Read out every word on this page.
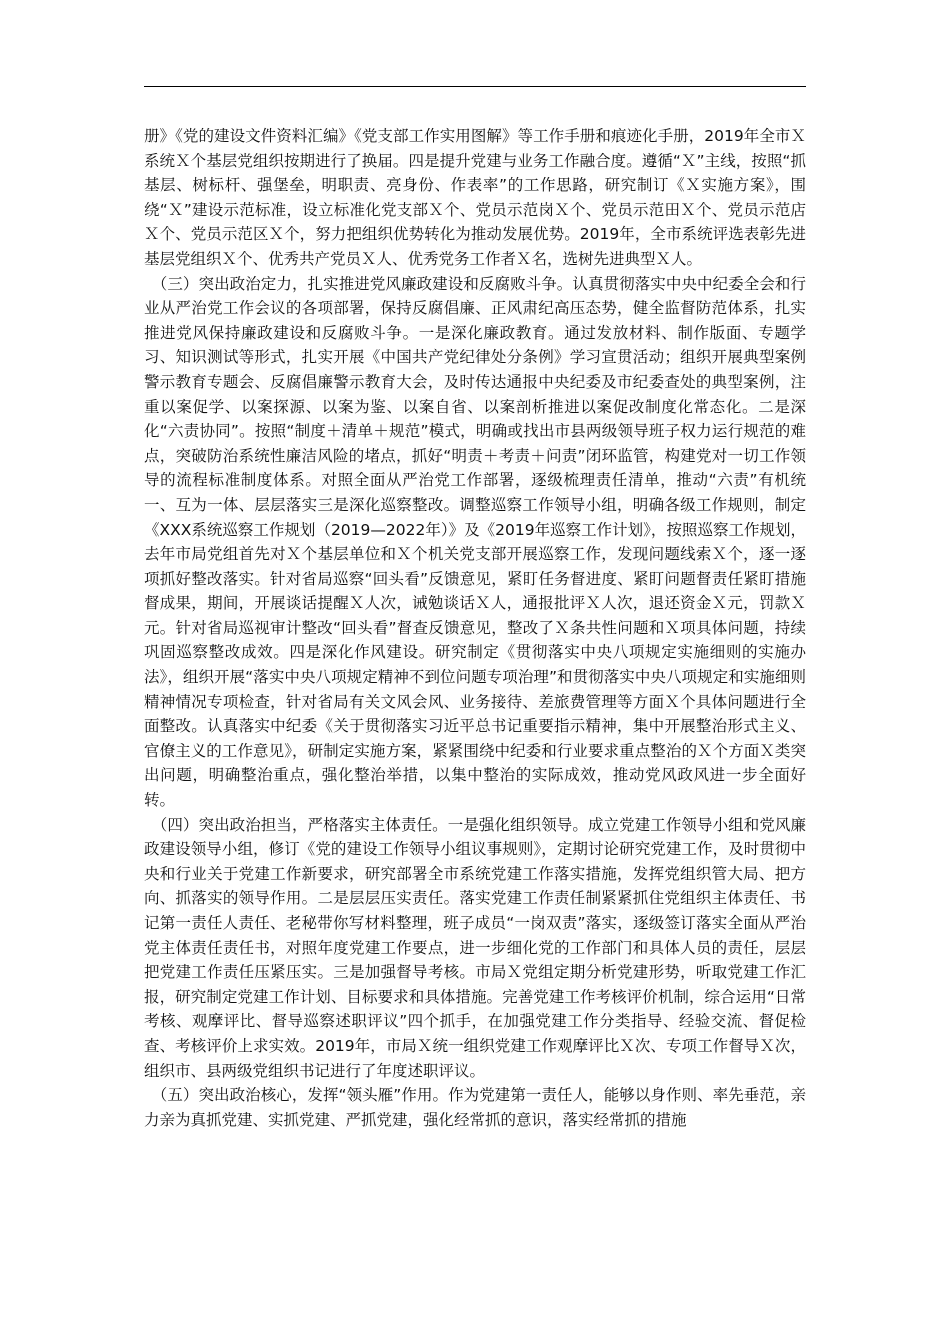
册》《党的建设文件资料汇编》《党支部工作实用图解》等工作手册和痕迹化手册，2019年全市Ｘ系统Ｘ个基层党组织按期进行了换届。四是提升党建与业务工作融合度。遵循“Ｘ”主线，按照“抓基层、树标杆、强堡垒，明职责、亮身份、作表率”的工作思路，研究制订《Ｘ实施方案》，围绕“Ｘ”建设示范标准，设立标准化党支部Ｘ个、党员示范岗Ｘ个、党员示范田Ｘ个、党员示范店Ｘ个、党员示范区Ｘ个，努力把组织优势转化为推动发展优势。2019年，全市系统评选表彰先进基层党组织Ｘ个、优秀共产党员Ｘ人、优秀党务工作者Ｘ名，选树先进典型Ｘ人。

（三）突出政治定力，扎实推进党风廉政建设和反腐败斗争。认真贯彻落实中央中纪委全会和行业从严治党工作会议的各项部署，保持反腐倡廉、正风肃纪高压态势，健全监督防范体系，扎实推进党风保持廉政建设和反腐败斗争。一是深化廉政教育。通过发放材料、制作版面、专题学习、知识测试等形式，扎实开展《中国共产党纪律处分条例》学习宣贯活动；组织开展典型案例警示教育专题会、反腐倡廉警示教育大会，及时传达通报中央纪委及市纪委查处的典型案例，注重以案促学、以案探源、以案为鉴、以案自省、以案剖析推进以案促改制度化常态化。二是深化“六责协同”。按照“制度＋清单＋规范”模式，明确或找出市县两级领导班子权力运行规范的难点，突破防治系统性廉洁风险的堵点，抓好“明责＋考责＋问责”闭环监管，构建党对一切工作领导的流程标准制度体系。对照全面从严治党工作部署，逐级梳理责任清单，推动“六责”有机统一、互为一体、层层落实三是深化巡察整改。调整巡察工作领导小组，明确各级工作规则，制定《XXX系统巡察工作规划（2019—2022年）》及《2019年巡察工作计划》，按照巡察工作规划，去年市局党组首先对Ｘ个基层单位和Ｘ个机关党支部开展巡察工作，发现问题线索Ｘ个，逐一逐项抓好整改落实。针对省局巡察“回头看”反馈意见，紧盯任务督进度、紧盯问题督责任紧盯措施督成果，期间，开展谈话提醒Ｘ人次，诫勉谈话Ｘ人，通报批评Ｘ人次，退还资金Ｘ元，罚款Ｘ元。针对省局巡视审计整改“回头看”督查反馈意见，整改了Ｘ条共性问题和Ｘ项具体问题，持续巩固巡察整改成效。四是深化作风建设。研究制定《贯彻落实中央八项规定实施细则的实施办法》，组织开展“落实中央八项规定精神不到位问题专项治理”和贯彻落实中央八项规定和实施细则精神情况专项检查，针对省局有关文风会风、业务接待、差旅费管理等方面Ｘ个具体问题进行全面整改。认真落实中纪委《关于贯彻落实习近平总书记重要指示精神，集中开展整治形式主义、官僚主义的工作意见》，研制定实施方案，紧紧围绕中纪委和行业要求重点整治的Ｘ个方面Ｘ类突出问题，明确整治重点，强化整治举措，以集中整治的实际成效，推动党风政风进一步全面好转。

（四）突出政治担当，严格落实主体责任。一是强化组织领导。成立党建工作领导小组和党风廉政建设领导小组，修订《党的建设工作领导小组议事规则》，定期讨论研究党建工作，及时贯彻中央和行业关于党建工作新要求，研究部署全市系统党建工作落实措施，发挥党组织管大局、把方向、抓落实的领导作用。二是层层压实责任。落实党建工作责任制紧紧抓住党组织主体责任、书记第一责任人责任、老秘带你写材料整理，班子成员“一岗双责”落实，逐级签订落实全面从严治党主体责任责任书，对照年度党建工作要点，进一步细化党的工作部门和具体人员的责任，层层把党建工作责任压紧压实。三是加强督导考核。市局Ｘ党组定期分析党建形势，听取党建工作汇报，研究制定党建工作计划、目标要求和具体措施。完善党建工作考核评价机制，综合运用“日常考核、观摩评比、督导巡察述职评议”四个抓手，在加强党建工作分类指导、经验交流、督促检查、考核评价上求实效。2019年，市局Ｘ统一组织党建工作观摩评比Ｘ次、专项工作督导Ｘ次，组织市、县两级党组织书记进行了年度述职评议。

（五）突出政治核心，发挥“领头雁”作用。作为党建第一责任人，能够以身作则、率先垂范，亲力亲为真抓党建、实抓党建、严抓党建，强化经常抓的意识，落实经常抓的措施
